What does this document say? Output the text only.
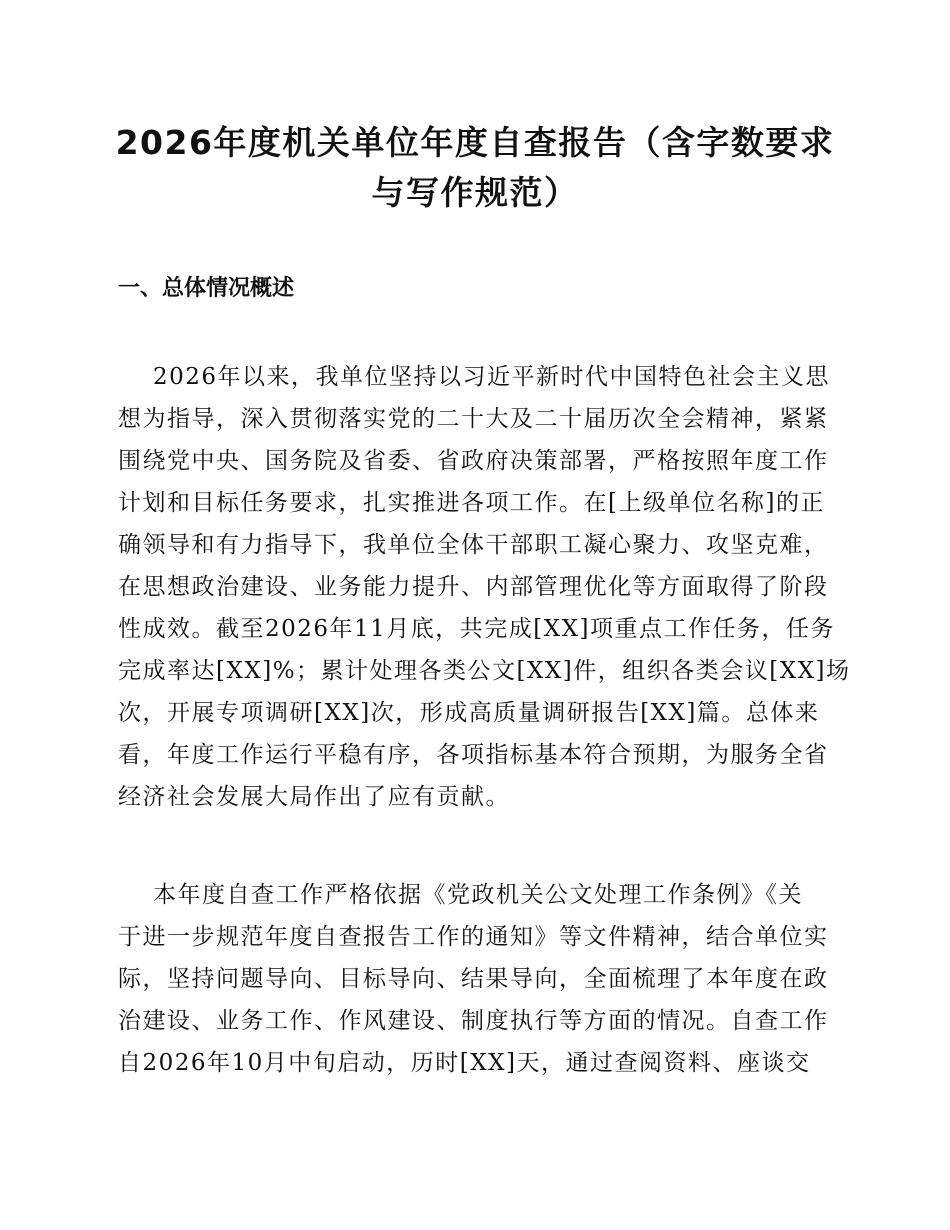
2026年度机关单位年度自查报告（含字数要求
与写作规范）
一、总体情况概述
2026年以来，我单位坚持以习近平新时代中国特色社会主义思
想为指导，深入贯彻落实党的二十大及二十届历次全会精神，紧紧
围绕党中央、国务院及省委、省政府决策部署，严格按照年度工作
计划和目标任务要求，扎实推进各项工作。在[上级单位名称]的正
确领导和有力指导下，我单位全体干部职工凝心聚力、攻坚克难，
在思想政治建设、业务能力提升、内部管理优化等方面取得了阶段
性成效。截至2026年11月底，共完成[XX]项重点工作任务，任务
完成率达[XX]%；累计处理各类公文[XX]件，组织各类会议[XX]场
次，开展专项调研[XX]次，形成高质量调研报告[XX]篇。总体来
看，年度工作运行平稳有序，各项指标基本符合预期，为服务全省
经济社会发展大局作出了应有贡献。
本年度自查工作严格依据《党政机关公文处理工作条例》《关
于进一步规范年度自查报告工作的通知》等文件精神，结合单位实
际，坚持问题导向、目标导向、结果导向，全面梳理了本年度在政
治建设、业务工作、作风建设、制度执行等方面的情况。自查工作
自2026年10月中旬启动，历时[XX]天，通过查阅资料、座谈交
